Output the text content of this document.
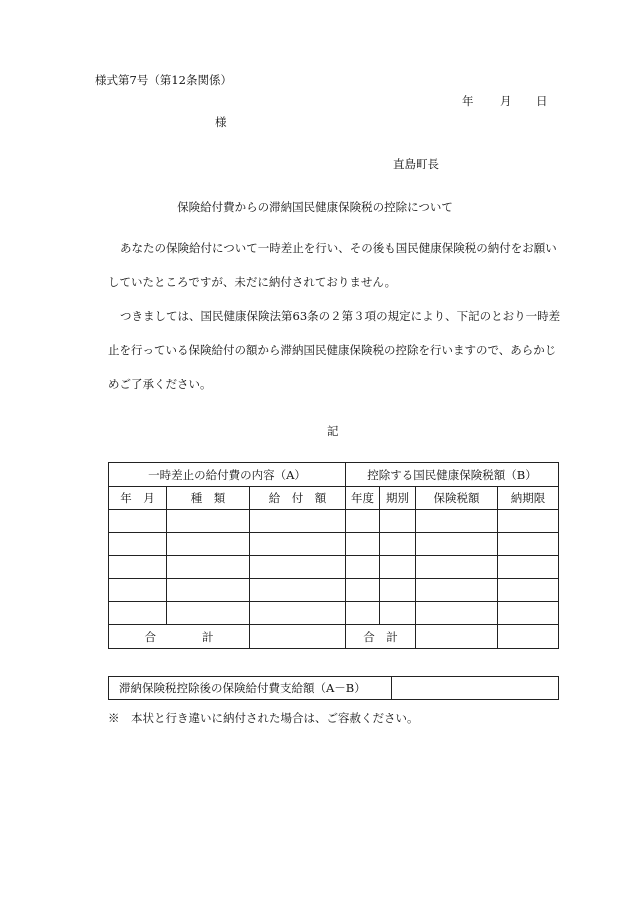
様式第7号（第12条関係）
年 月 日
様
直島町長
保険給付費からの滞納国民健康保険税の控除について
あなたの保険給付について一時差止を行い、その後も国民健康保険税の納付をお願い
していたところですが、未だに納付されておりません。
つきましては、国民健康保険法第63条の２第３項の規定により、下記のとおり一時差
止を行っている保険給付の額から滞納国民健康保険税の控除を行いますので、あらかじ
めご了承ください。
記
一時差止の給付費の内容（A）			控除する国民健康保険税額（B）			
年　月	種　類	給　付　額	年度	期別	保険税額	納期限

合　　　　計			合　計			
滞納保険税控除後の保険給付費支給額（A－B）	
※　本状と行き違いに納付された場合は、ご容赦ください。
